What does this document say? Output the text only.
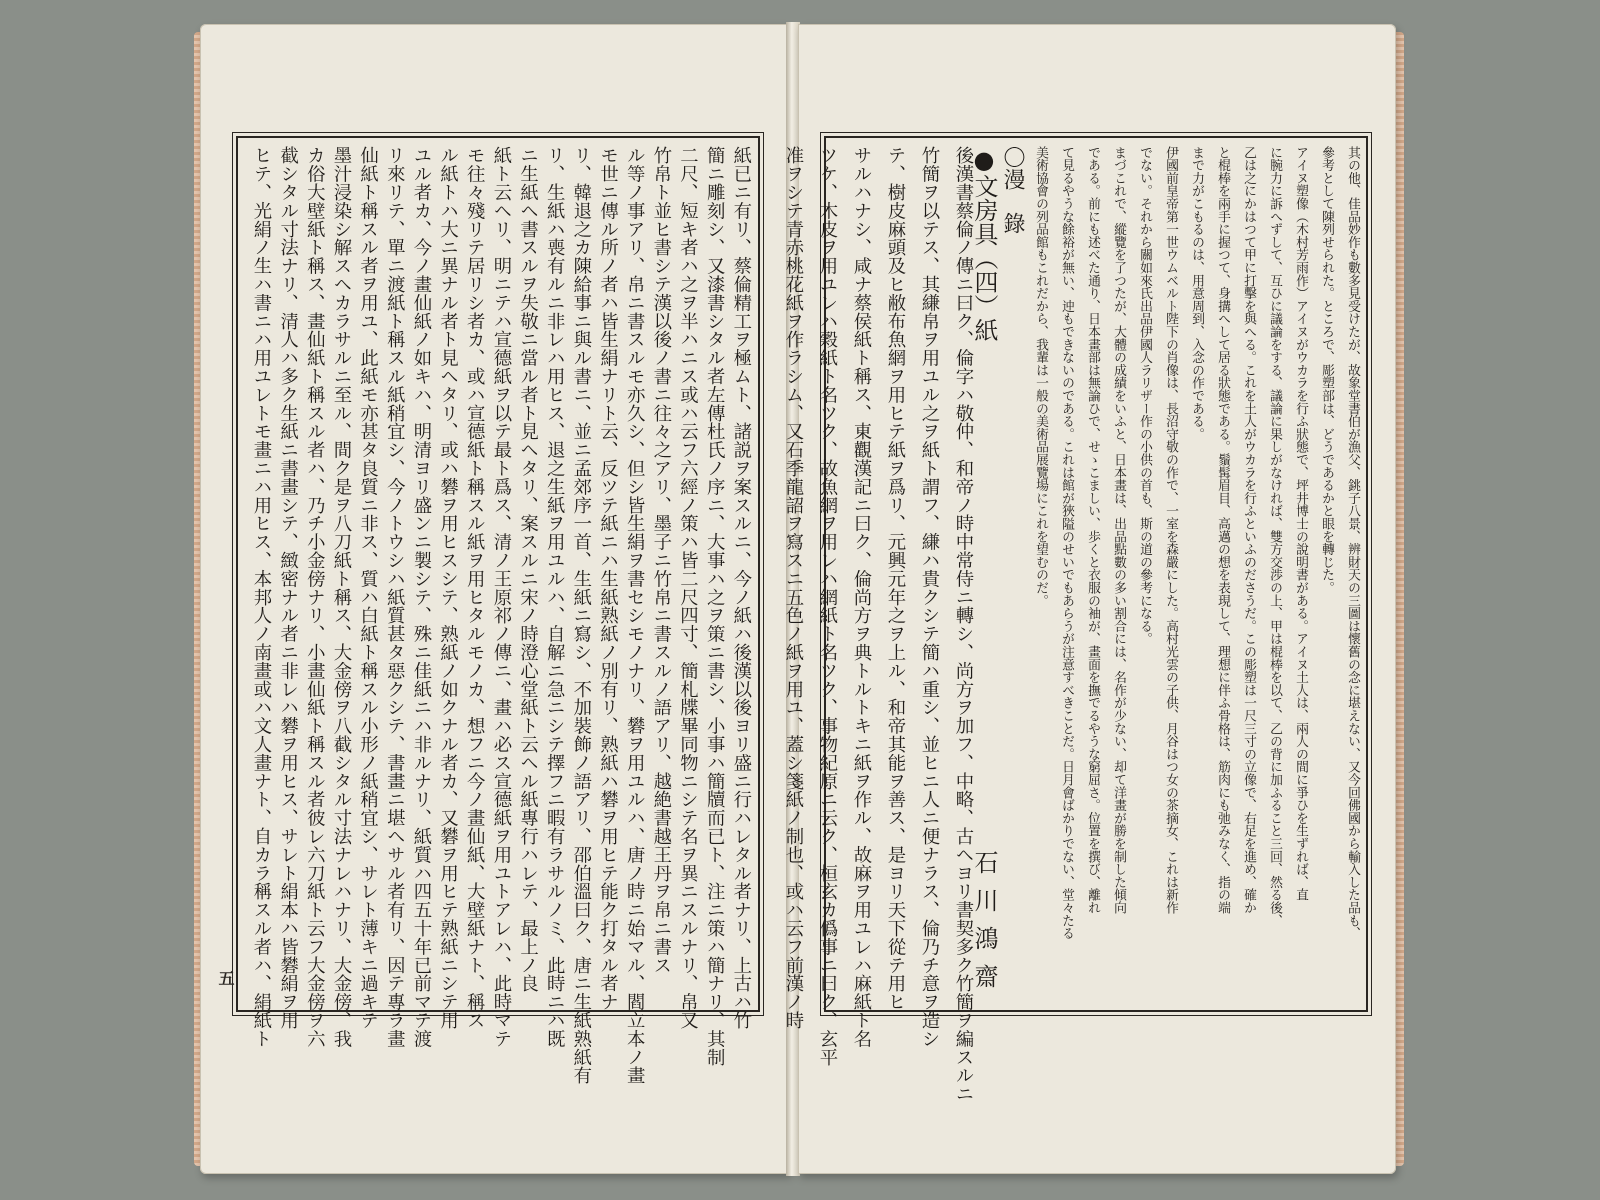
紙已ニ有リ、蔡倫精工ヲ極ムト、諸説ヲ案スルニ、今ノ紙ハ後漢以後ヨリ盛ニ行ハレタル者ナリ、上古ハ竹
簡ニ雕刻シ、又漆書シタル者左傳杜氏ノ序ニ、大事ハ之ヲ策ニ書シ、小事ハ簡牘而已ト、注ニ策ハ簡ナリ、其制
二尺、短キ者ハ之ヲ半ハニス或ハ云フ六經ノ策ハ皆二尺四寸、簡札牒畢同物ニシテ名ヲ異ニスルナリ、帛又
竹帛ト並ヒ書シテ漢以後ノ書ニ往々之アリ、墨子ニ竹帛ニ書スルノ語アリ、越絶書越王丹ヲ帛ニ書ス
ル等ノ事アリ、帛ニ書スルモ亦久シ、但シ皆生絹ヲ書セシモノナリ、礬ヲ用ユルハ、唐ノ時ニ始マル、閻立本ノ畫
モ世ニ傳ル所ノ者ハ皆生絹ナリト云、反ツテ紙ニハ生紙熟紙ノ別有リ、熟紙ハ礬ヲ用ヒテ能ク打タル者ナ
リ、韓退之カ陳給事ニ與ル書ニ、並ニ孟郊序一首、生紙ニ寫シ、不加裝飾ノ語アリ、邵伯溫曰ク、唐ニ生紙熟紙有
リ、生紙ハ喪有ルニ非レハ用ヒス、退之生紙ヲ用ユルハ、自解ニ急ニシテ擇フニ暇有ラサルノミ、此時ニハ既
ニ生紙ヘ書スルヲ失敬ニ當ル者ト見ヘタリ、案スルニ宋ノ時澄心堂紙ト云ヘル紙專行ハレテ、最上ノ良
紙ト云ヘリ、明ニテハ宣德紙ヲ以テ最ト爲ス、清ノ王原祁ノ傳ニ、畫ハ必ス宣德紙ヲ用ユトアレハ、此時マテ
モ往々殘リテ居リシ者カ、或ハ宣德紙ト稱スル紙ヲ用ヒタルモノカ、想フニ今ノ畫仙紙、大壁紙ナト、稱ス
ル紙トハ大ニ異ナル者ト見ヘタリ、或ハ礬ヲ用ヒスシテ、熟紙ノ如クナル者カ、又礬ヲ用ヒテ熟紙ニシテ用
ユル者カ、今ノ畫仙紙ノ如キハ、明清ヨリ盛ンニ製シテ、殊ニ佳紙ニハ非ルナリ、紙質ハ四五十年已前マテ渡
リ來リテ、單ニ渡紙ト稱スル紙稍宜シ、今ノトウシハ紙質甚タ惡クシテ、書畫ニ堪ヘサル者有リ、因テ專ラ畫
仙紙ト稱スル者ヲ用ユ、此紙モ亦甚タ良質ニ非ス、質ハ白紙ト稱スル小形ノ紙稍宜シ、サレト薄キニ過キテ
墨汁浸染シ解スヘカラサルニ至ル、間ク是ヲ八刀紙ト稱ス、大金傍ヲ八截シタル寸法ナレハナリ、大金傍、我
カ俗大壁紙ト稱ス、畫仙紙ト稱スル者ハ、乃チ小金傍ナリ、小畫仙紙ト稱スル者彼レ六刀紙ト云フ大金傍ヲ六
截シタル寸法ナリ、清人ハ多ク生紙ニ書畫シテ、緻密ナル者ニ非レハ礬ヲ用ヒス、サレト絹本ハ皆礬絹ヲ用
ヒテ、光絹ノ生ハ書ニハ用ユレトモ畫ニハ用ヒス、本邦人ノ南畫或ハ文人畫ナト、自カラ稱スル者ハ、絹紙ト
五
其の他、佳品妙作も數多見受けたが、故象堂書伯が漁父、銚子八景、辨財天の三圖は懷舊の念に堪えない、又今回佛國から輸入した品も、
參考として陳列せられた。ところで、彫塑部は、どうであるかと眼を轉じた。
アイヌ塑像（木村芳雨作）アイヌがウカラを行ふ狀態で、坪井博士の說明書がある。アイヌ土人は、兩人の間に爭ひを生ずれば、直
に腕力に訴へずして、互ひに議論をする、議論に果しがなければ、雙方交渉の上、甲は棍棒を以て、乙の背に加ふること三回、然る後、
乙は之にかはつて甲に打擊を與へる。これを土人がウカラを行ふといふのださうだ。この彫塑は一尺三寸の立像で、右足を進め、確か
と棍棒を兩手に握つて、身搆へして居る狀態である。鬚髯眉目、高邁の想を表現して、理想に伴ふ骨格は、筋肉にも弛みなく、指の端
まで力がこもるのは、用意周到、入念の作である。
伊國前皇帝第一世ウムベルト陛下の肖像は、長沼守敬の作で、一室を森嚴にした。高村光雲の子供、月谷はつ女の茶摘女、これは新作
でない。それから關如來氏出品伊國人ラリザー作の小供の首も、斯の道の參考になる。
まづこれで、縱覽を了つたが、大體の成績をいふと、日本畫は、出品點數の多い割合には、名作が少ない、却て洋畫が勝を制した傾向
である。前にも述べた通り、日本畫部は無論ひで、せゝこましい、歩くと衣服の袖が、畫面を撫でるやうな窮屈さ。位置を撰び、離れ
て見るやうな餘裕が無い、迚もできないのである。これは館が狹隘のせいでもあらうが注意すべきことだ。日月會ばかりでない、堂々たる
美術協會の列品館もこれだから、我輩は一般の美術品展覽場にこれを望むのだ。
〇漫　錄
●文房具（四）紙
石川鴻齋
後漢書蔡倫ノ傳ニ曰ク、倫字ハ敬仲、和帝ノ時中常侍ニ轉シ、尚方ヲ加フ、中略、古ヘヨリ書契多ク竹簡ヲ編スルニ
竹簡ヲ以テス、其縑帛ヲ用ユル之ヲ紙ト謂フ、縑ハ貴クシテ簡ハ重シ、並ヒニ人ニ便ナラス、倫乃チ意ヲ造シ
テ、樹皮麻頭及ヒ敝布魚網ヲ用ヒテ紙ヲ爲リ、元興元年之ヲ上ル、和帝其能ヲ善ス、是ヨリ天下從テ用ヒ
サルハナシ、咸ナ蔡侯紙ト稱ス、東觀漢記ニ曰ク、倫尚方ヲ典トルトキニ紙ヲ作ル、故麻ヲ用ユレハ麻紙ト名
ツケ、木皮ヲ用ユレハ穀紙ト名ツク、故魚網ヲ用レハ網紙ト名ツク、事物紀原ニ云ク、桓玄カ僞事ニ曰ク、玄平
准ヲシテ青赤桃花紙ヲ作ラシム、又石季龍詔ヲ寫スニ五色ノ紙ヲ用ユ、蓋シ箋紙ノ制也、或ハ云フ前漢ノ時
